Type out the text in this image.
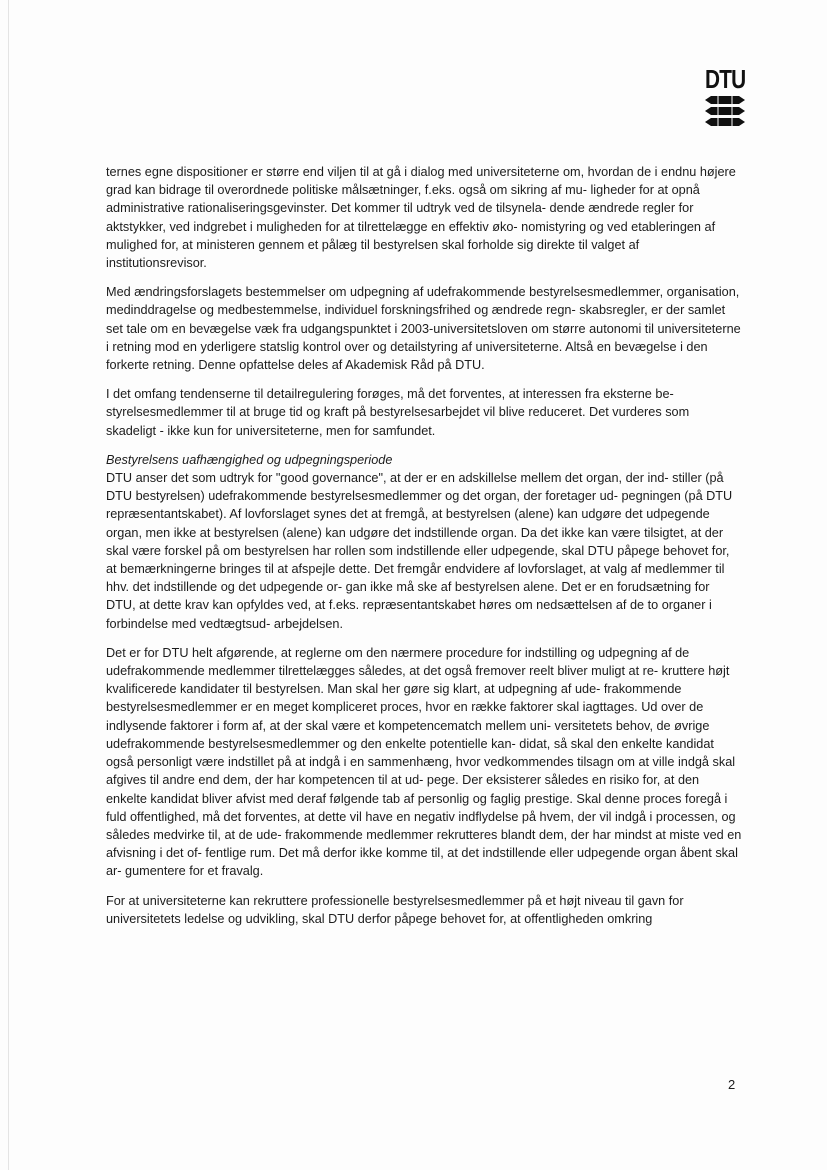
DTU

ternes egne dispositioner er større end viljen til at gå i dialog med universiteterne om, hvordan de i endnu højere grad kan bidrage til overordnede politiske målsætninger, f.eks. også om sikring af mu- ligheder for at opnå administrative rationaliseringsgevinster. Det kommer til udtryk ved de tilsynela- dende ændrede regler for aktstykker, ved indgrebet i muligheden for at tilrettelægge en effektiv øko- nomistyring og ved etableringen af mulighed for, at ministeren gennem et pålæg til bestyrelsen skal forholde sig direkte til valget af institutionsrevisor.

Med ændringsforslagets bestemmelser om udpegning af udefrakommende bestyrelsesmedlemmer, organisation, medinddragelse og medbestemmelse, individuel forskningsfrihed og ændrede regn- skabsregler, er der samlet set tale om en bevægelse væk fra udgangspunktet i 2003-universitetsloven om større autonomi til universiteterne i retning mod en yderligere statslig kontrol over og detailstyring af universiteterne. Altså en bevægelse i den forkerte retning. Denne opfattelse deles af Akademisk Råd på DTU.

I det omfang tendenserne til detailregulering forøges, må det forventes, at interessen fra eksterne be- styrelsesmedlemmer til at bruge tid og kraft på bestyrelsesarbejdet vil blive reduceret. Det vurderes som skadeligt - ikke kun for universiteterne, men for samfundet.

Bestyrelsens uafhængighed og udpegningsperiode

DTU anser det som udtryk for "good governance", at der er en adskillelse mellem det organ, der ind- stiller (på DTU bestyrelsen) udefrakommende bestyrelsesmedlemmer og det organ, der foretager ud- pegningen (på DTU repræsentantskabet). Af lovforslaget synes det at fremgå, at bestyrelsen (alene) kan udgøre det udpegende organ, men ikke at bestyrelsen (alene) kan udgøre det indstillende organ. Da det ikke kan være tilsigtet, at der skal være forskel på om bestyrelsen har rollen som indstillende eller udpegende, skal DTU påpege behovet for, at bemærkningerne bringes til at afspejle dette. Det fremgår endvidere af lovforslaget, at valg af medlemmer til hhv. det indstillende og det udpegende or- gan ikke må ske af bestyrelsen alene. Det er en forudsætning for DTU, at dette krav kan opfyldes ved, at f.eks. repræsentantskabet høres om nedsættelsen af de to organer i forbindelse med vedtægtsud- arbejdelsen.

Det er for DTU helt afgørende, at reglerne om den nærmere procedure for indstilling og udpegning af de udefrakommende medlemmer tilrettelægges således, at det også fremover reelt bliver muligt at re- kruttere højt kvalificerede kandidater til bestyrelsen. Man skal her gøre sig klart, at udpegning af ude- frakommende bestyrelsesmedlemmer er en meget kompliceret proces, hvor en række faktorer skal iagttages. Ud over de indlysende faktorer i form af, at der skal være et kompetencematch mellem uni- versitetets behov, de øvrige udefrakommende bestyrelsesmedlemmer og den enkelte potentielle kan- didat, så skal den enkelte kandidat også personligt være indstillet på at indgå i en sammenhæng, hvor vedkommendes tilsagn om at ville indgå skal afgives til andre end dem, der har kompetencen til at ud- pege. Der eksisterer således en risiko for, at den enkelte kandidat bliver afvist med deraf følgende tab af personlig og faglig prestige. Skal denne proces foregå i fuld offentlighed, må det forventes, at dette vil have en negativ indflydelse på hvem, der vil indgå i processen, og således medvirke til, at de ude- frakommende medlemmer rekrutteres blandt dem, der har mindst at miste ved en afvisning i det of- fentlige rum. Det må derfor ikke komme til, at det indstillende eller udpegende organ åbent skal ar- gumentere for et fravalg.

For at universiteterne kan rekruttere professionelle bestyrelsesmedlemmer på et højt niveau til gavn for universitetets ledelse og udvikling, skal DTU derfor påpege behovet for, at offentligheden omkring

2
